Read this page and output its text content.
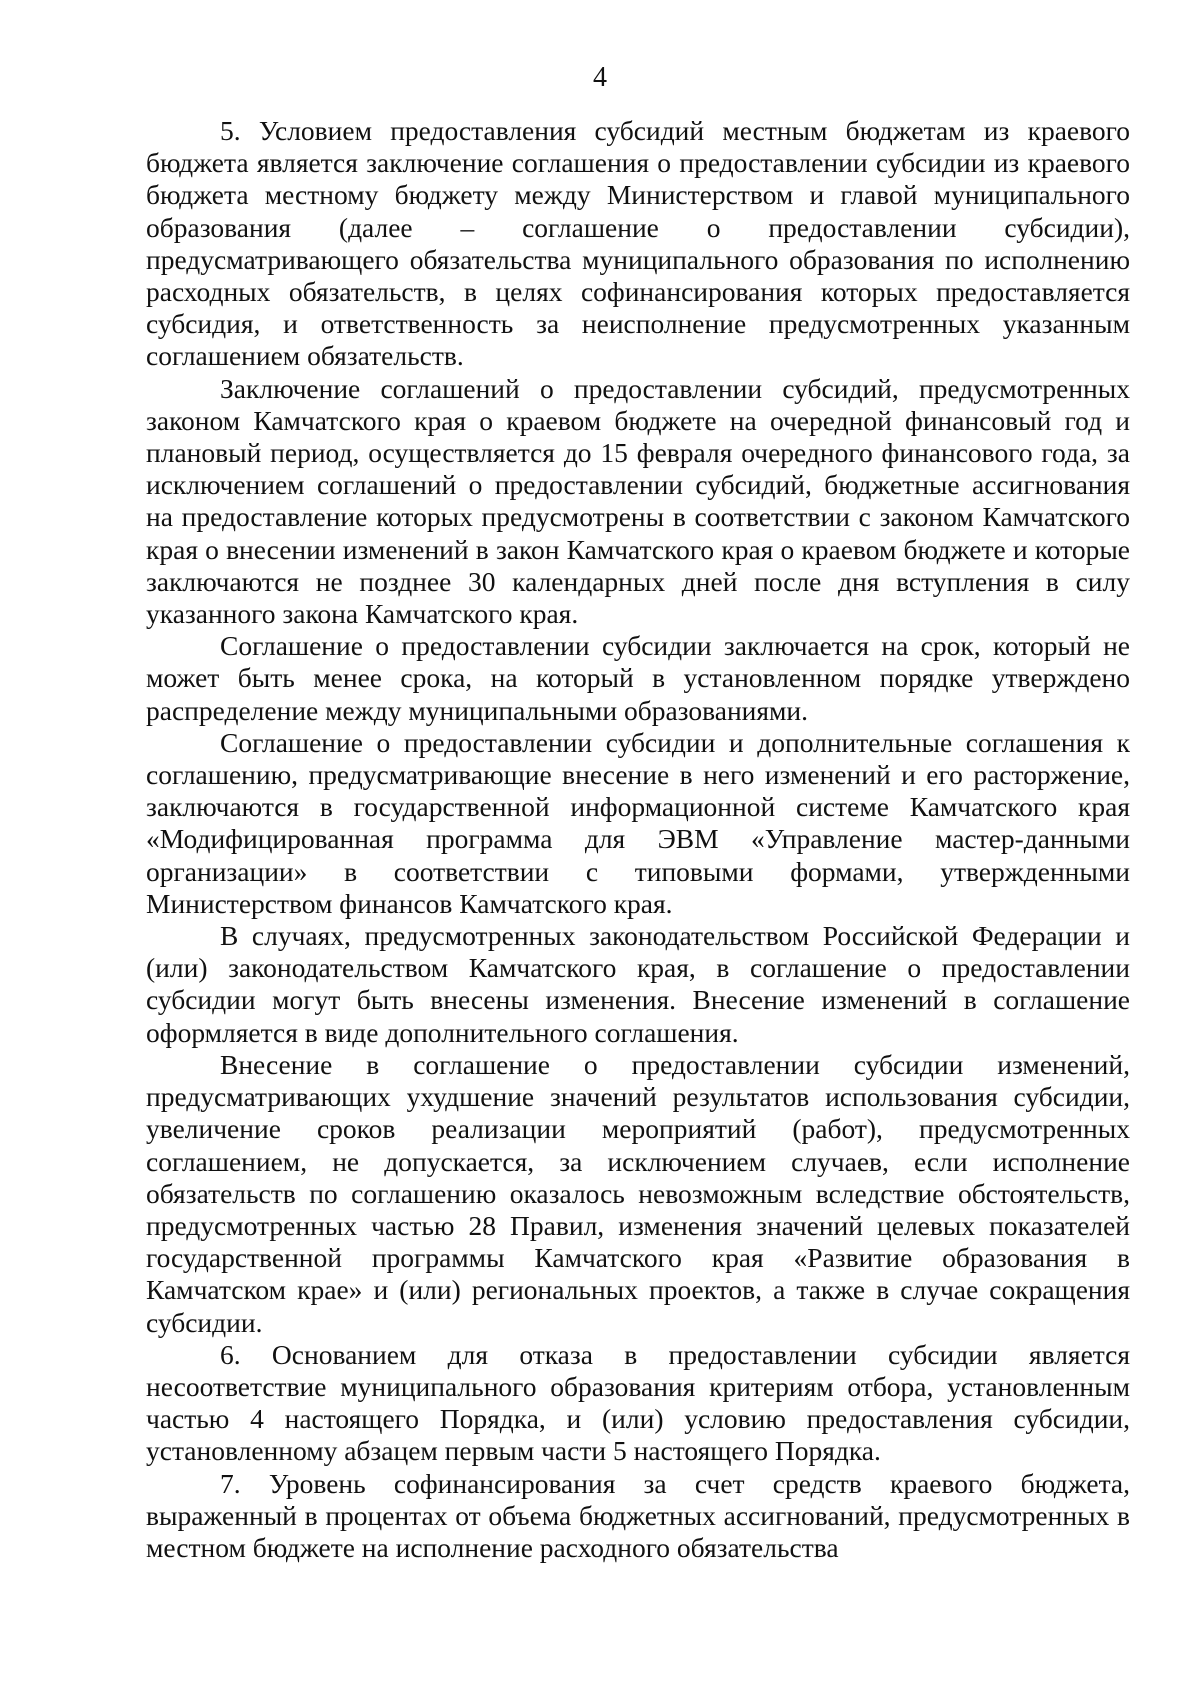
4

5. Условием предоставления субсидий местным бюджетам из краевого бюджета является заключение соглашения о предоставлении субсидии из краевого бюджета местному бюджету между Министерством и главой муниципального образования (далее – соглашение о предоставлении субсидии), предусматривающего обязательства муниципального образования по исполнению расходных обязательств, в целях софинансирования которых предоставляется субсидия, и ответственность за неисполнение предусмотренных указанным соглашением обязательств.

Заключение соглашений о предоставлении субсидий, предусмотренных законом Камчатского края о краевом бюджете на очередной финансовый год и плановый период, осуществляется до 15 февраля очередного финансового года, за исключением соглашений о предоставлении субсидий, бюджетные ассигнования на предоставление которых предусмотрены в соответствии с законом Камчатского края о внесении изменений в закон Камчатского края о краевом бюджете и которые заключаются не позднее 30 календарных дней после дня вступления в силу указанного закона Камчатского края.

Соглашение о предоставлении субсидии заключается на срок, который не может быть менее срока, на который в установленном порядке утверждено распределение между муниципальными образованиями.

Соглашение о предоставлении субсидии и дополнительные соглашения к соглашению, предусматривающие внесение в него изменений и его расторжение, заключаются в государственной информационной системе Камчатского края «Модифицированная программа для ЭВМ «Управление мастер-данными организации» в соответствии с типовыми формами, утвержденными Министерством финансов Камчатского края.

В случаях, предусмотренных законодательством Российской Федерации и (или) законодательством Камчатского края, в соглашение о предоставлении субсидии могут быть внесены изменения. Внесение изменений в соглашение оформляется в виде дополнительного соглашения.

Внесение в соглашение о предоставлении субсидии изменений, предусматривающих ухудшение значений результатов использования субсидии, увеличение сроков реализации мероприятий (работ), предусмотренных соглашением, не допускается, за исключением случаев, если исполнение обязательств по соглашению оказалось невозможным вследствие обстоятельств, предусмотренных частью 28 Правил, изменения значений целевых показателей государственной программы Камчатского края «Развитие образования в Камчатском крае» и (или) региональных проектов, а также в случае сокращения субсидии.

6. Основанием для отказа в предоставлении субсидии является несоответствие муниципального образования критериям отбора, установленным частью 4 настоящего Порядка, и (или) условию предоставления субсидии, установленному абзацем первым части 5 настоящего Порядка.

7. Уровень софинансирования за счет средств краевого бюджета, выраженный в процентах от объема бюджетных ассигнований, предусмотренных в местном бюджете на исполнение расходного обязательства
